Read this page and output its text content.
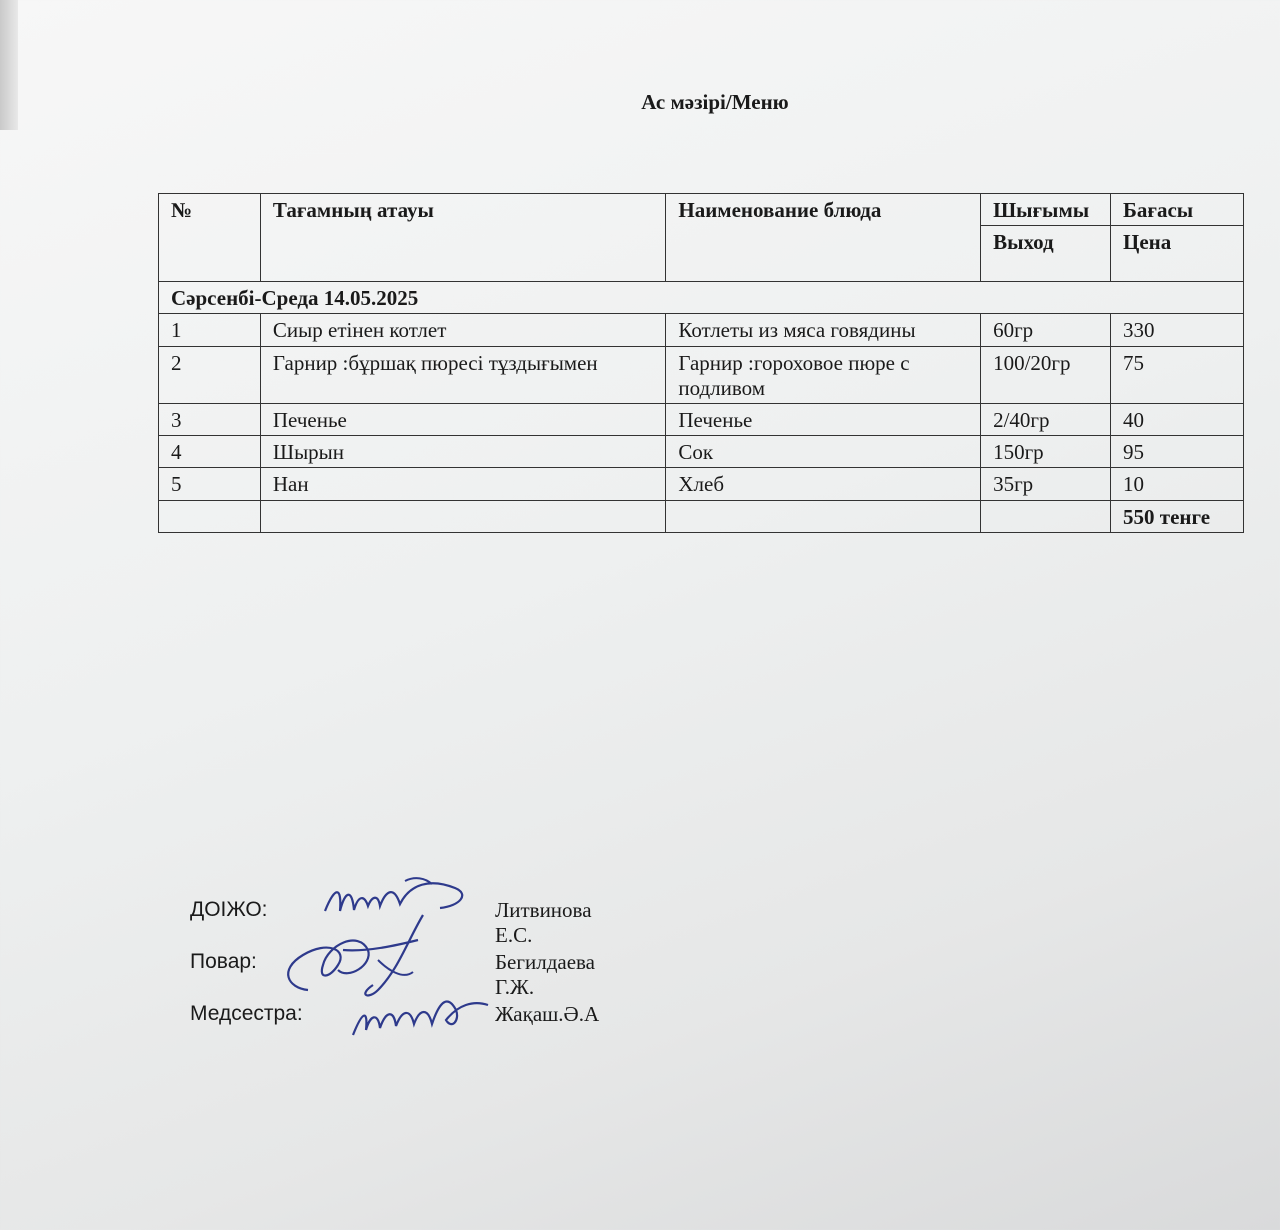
Ас мәзірі/Меню
№	Тағамның атауы	Наименование блюда	Шығымы	Бағасы
			Выход	Цена
Сәрсенбі-Среда 14.05.2025				
1	Сиыр етінен котлет	Котлеты из мяса говядины	60гр	330
2	Гарнир :бұршақ пюресі тұздығымен	Гарнир :гороховое пюре с подливом	100/20гр	75
3	Печенье	Печенье	2/40гр	40
4	Шырын	Сок	150гр	95
5	Нан	Хлеб	35гр	10
				550 тенге
ДОІЖО:	Литвинова Е.С.
Повар:	Бегилдаева Г.Ж.
Медсестра:	Жақаш.Ә.А
